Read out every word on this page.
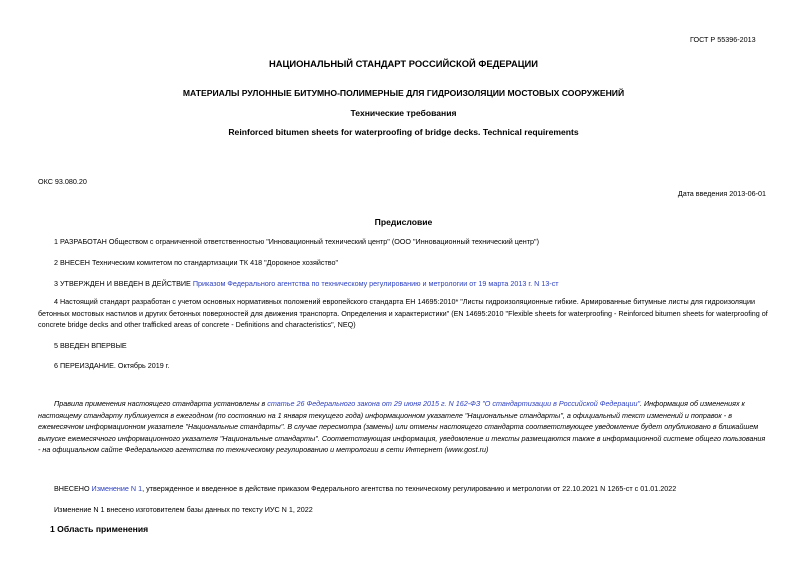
ГОСТ Р 55396-2013
НАЦИОНАЛЬНЫЙ СТАНДАРТ РОССИЙСКОЙ ФЕДЕРАЦИИ
МАТЕРИАЛЫ РУЛОННЫЕ БИТУМНО-ПОЛИМЕРНЫЕ ДЛЯ ГИДРОИЗОЛЯЦИИ МОСТОВЫХ СООРУЖЕНИЙ
Технические требования
Reinforced bitumen sheets for waterproofing of bridge decks. Technical requirements
ОКС 93.080.20
Дата введения 2013-06-01
Предисловие
1 РАЗРАБОТАН Обществом с ограниченной ответственностью "Инновационный технический центр" (ООО "Инновационный технический центр")
2 ВНЕСЕН Техническим комитетом по стандартизации ТК 418 "Дорожное хозяйство"
3 УТВЕРЖДЕН И ВВЕДЕН В ДЕЙСТВИЕ Приказом Федерального агентства по техническому регулированию и метрологии от 19 марта 2013 г. N 13-ст
4 Настоящий стандарт разработан с учетом основных нормативных положений европейского стандарта ЕН 14695:2010* "Листы гидроизоляционные гибкие. Армированные битумные листы для гидроизоляции бетонных мостовых настилов и других бетонных поверхностей для движения транспорта. Определения и характеристики" (EN 14695:2010 "Flexible sheets for waterproofing - Reinforced bitumen sheets for waterproofing of concrete bridge decks and other trafficked areas of concrete - Definitions and characteristics", NEQ)
5 ВВЕДЕН ВПЕРВЫЕ
6 ПЕРЕИЗДАНИЕ. Октябрь 2019 г.
Правила применения настоящего стандарта установлены в статье 26 Федерального закона от 29 июня 2015 г. N 162-ФЗ "О стандартизации в Российской Федерации". Информация об изменениях к настоящему стандарту публикуется в ежегодном (по состоянию на 1 января текущего года) информационном указателе "Национальные стандарты", а официальный текст изменений и поправок - в ежемесячном информационном указателе "Национальные стандарты". В случае пересмотра (замены) или отмены настоящего стандарта соответствующее уведомление будет опубликовано в ближайшем выпуске ежемесячного информационного указателя "Национальные стандарты". Соответствующая информация, уведомление и тексты размещаются также в информационной системе общего пользования - на официальном сайте Федерального агентства по техническому регулированию и метрологии в сети Интернет (www.gost.ru)
ВНЕСЕНО Изменение N 1, утвержденное и введенное в действие приказом Федерального агентства по техническому регулированию и метрологии от 22.10.2021 N 1265-ст с 01.01.2022
Изменение N 1 внесено изготовителем базы данных по тексту ИУС N 1, 2022
1 Область применения
